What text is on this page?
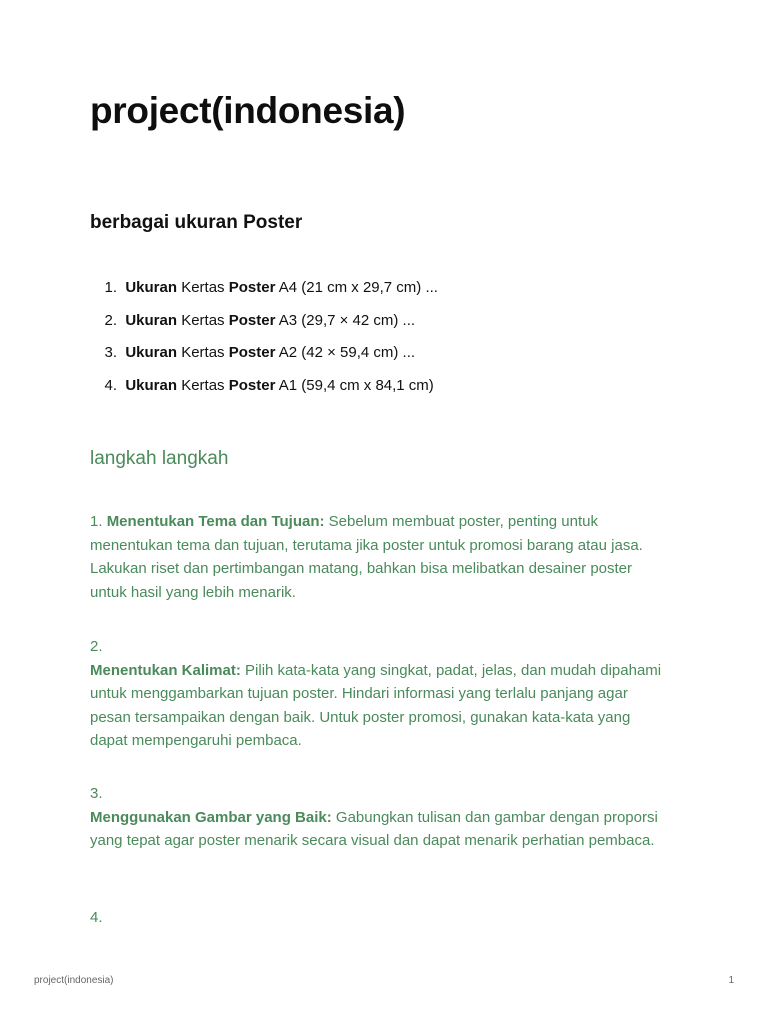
project(indonesia)
berbagai ukuran Poster
1.
Ukuran Kertas Poster A4 (21 cm x 29,7 cm) ...
2.
Ukuran Kertas Poster A3 (29,7 × 42 cm) ...
3.
Ukuran Kertas Poster A2 (42 × 59,4 cm) ...
4.
Ukuran Kertas Poster A1 (59,4 cm x 84,1 cm)
langkah langkah

1. Menentukan Tema dan Tujuan: Sebelum membuat poster, penting untuk menentukan tema dan tujuan, terutama jika poster untuk promosi barang atau jasa. Lakukan riset dan pertimbangan matang, bahkan bisa melibatkan desainer poster untuk hasil yang lebih menarik.

2.
Menentukan Kalimat: Pilih kata-kata yang singkat, padat, jelas, dan mudah dipahami untuk menggambarkan tujuan poster. Hindari informasi yang terlalu panjang agar pesan tersampaikan dengan baik. Untuk poster promosi, gunakan kata-kata yang dapat mempengaruhi pembaca.

3.
Menggunakan Gambar yang Baik: Gabungkan tulisan dan gambar dengan proporsi yang tepat agar poster menarik secara visual dan dapat menarik perhatian pembaca.

4.

project(indonesia)	1
